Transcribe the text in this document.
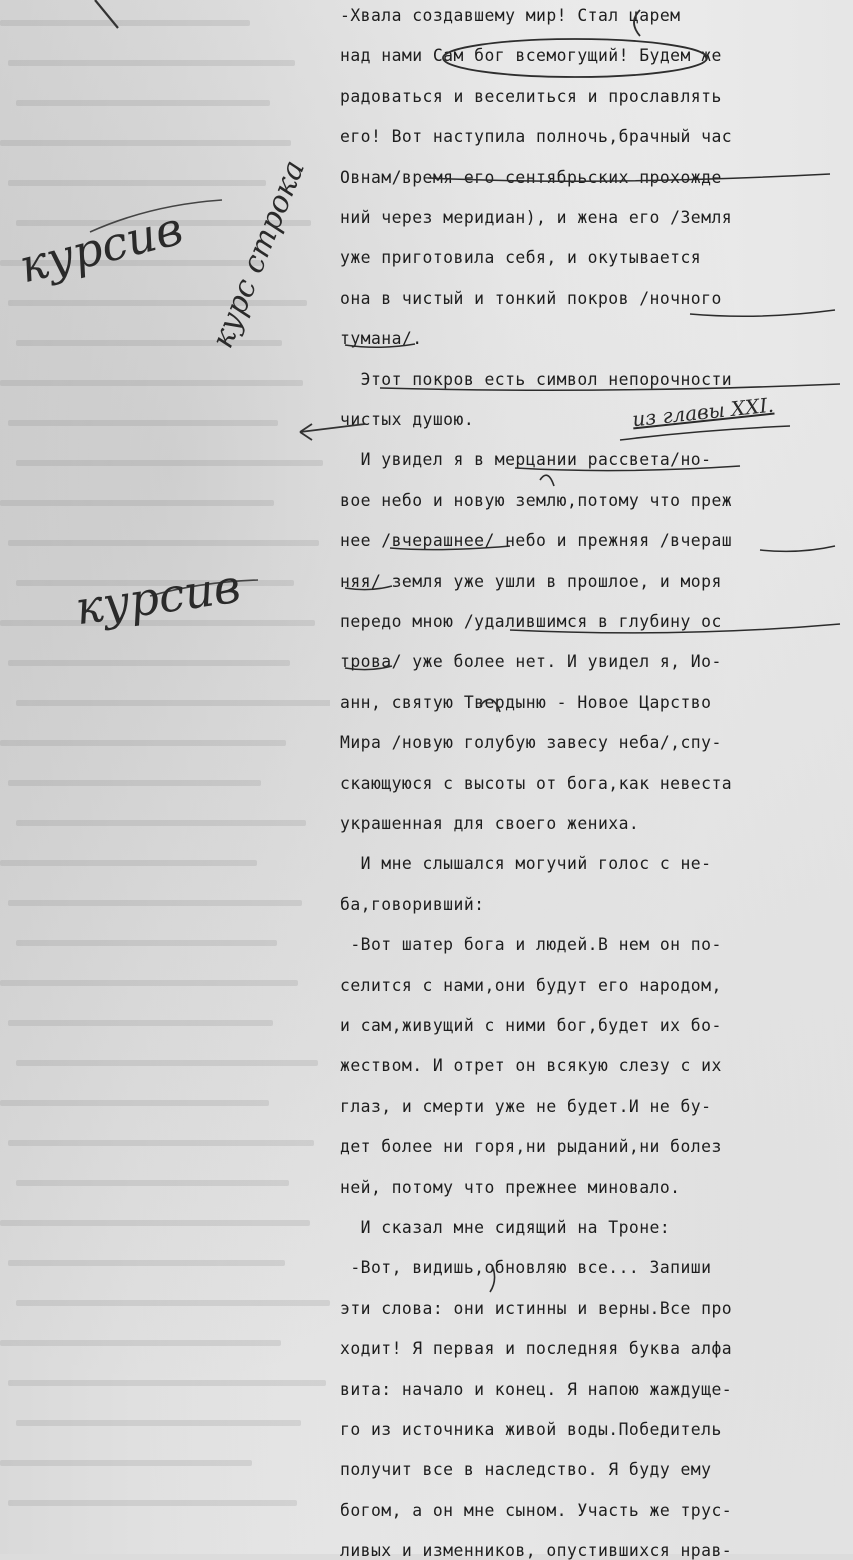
-Хвала создавшему мир! Стал царем
над нами Сам бог всемогущий! Будем же
радоваться и веселиться и прославлять
его! Вот наступила полночь,брачный час
Овнам/время его сентябрьских прохожде
ний через меридиан), и жена его /Земля
уже приготовила себя, и окутывается
она в чистый и тонкий покров /ночного
тумана/.
Этот покров есть символ непорочности
чистых душою.
И увидел я в мерцании рассвета/но-
вое небо и новую землю,потому что преж
нее /вчерашнее/ небо и прежняя /вчераш
няя/ земля уже ушли в прошлое, и моря
передо мною /удалившимся в глубину ос
трова/ уже более нет. И увидел я, Ио-
анн, святую Твердыню - Новое Царство
Мира /новую голубую завесу неба/,спу-
скающуюся с высоты от бога,как невеста
украшенная для своего жениха.
И мне слышался могучий голос с не-
ба,говоривший:
-Вот шатер бога и людей.В нем он по-
селится с нами,они будут его народом,
и сам,живущий с ними бог,будет их бо-
жеством. И отрет он всякую слезу с их
глаз, и смерти уже не будет.И не бу-
дет более ни горя,ни рыданий,ни болез
ней, потому что прежнее миновало.
И сказал мне сидящий на Троне:
-Вот, видишь,обновляю все... Запиши
эти слова: они истинны и верны.Все про
ходит! Я первая и последняя буква алфа
вита: начало и конец. Я напою жаждуще-
го из источника живой воды.Победитель
получит все в наследство. Я буду ему
богом, а он мне сыном. Участь же трус-
ливых и изменников, опустившихся нрав-
курсив курс строка
курсив
из главы XXI.
